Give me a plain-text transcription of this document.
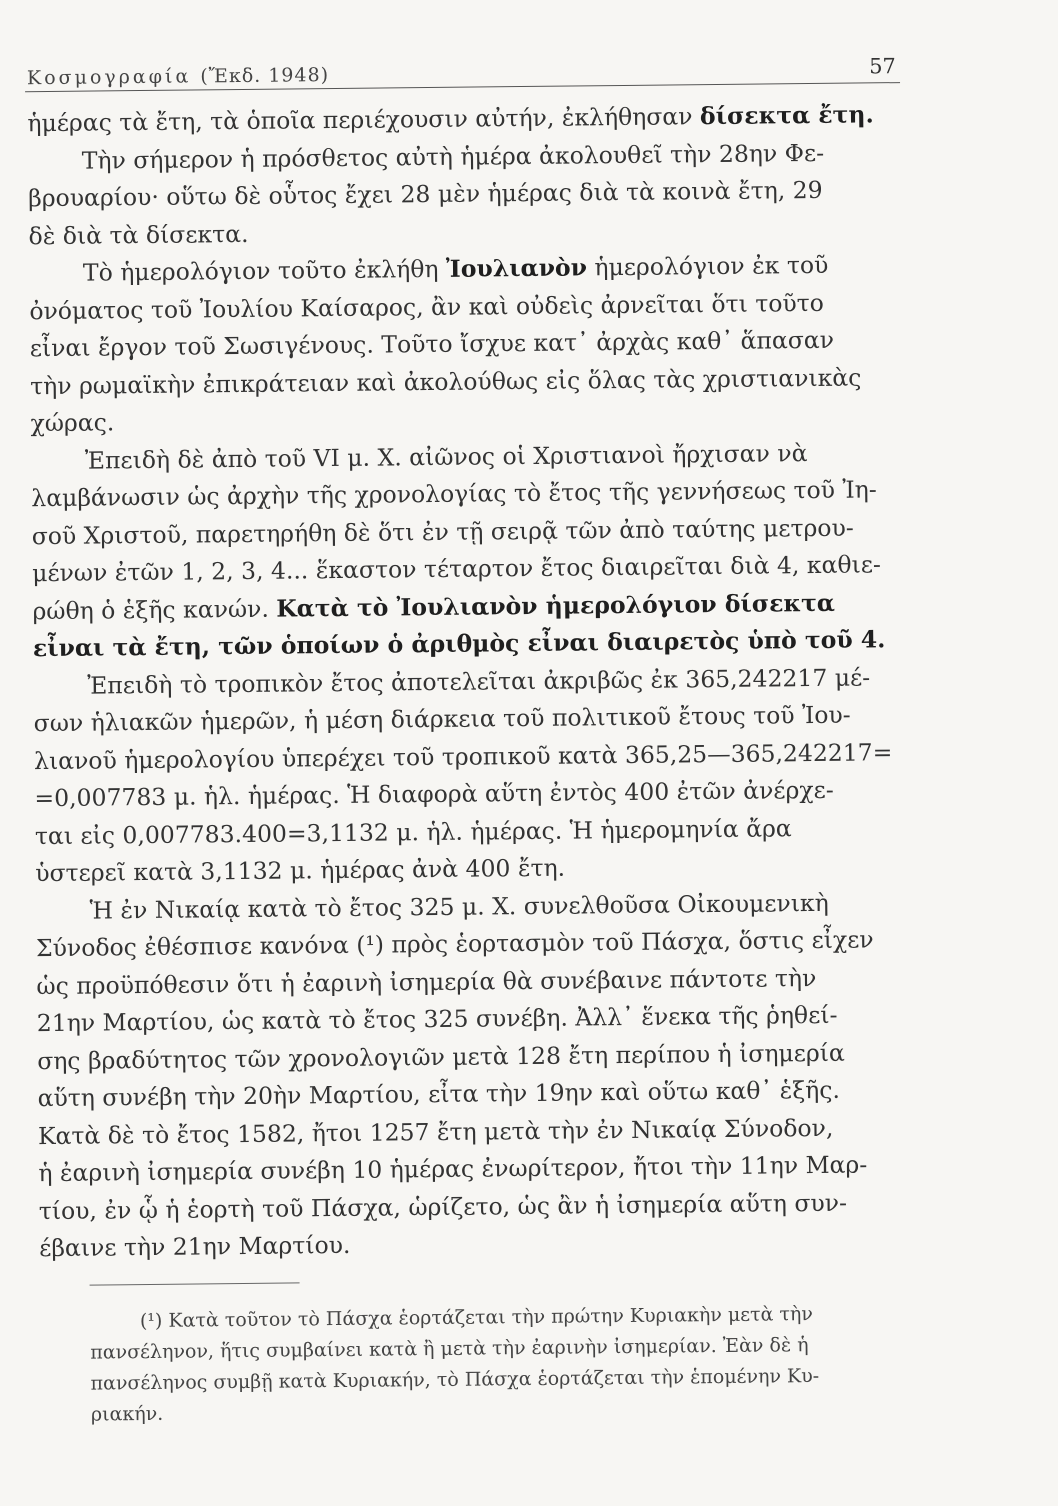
Κοσμογραφία (Ἔκδ. 1948)	57
ἡμέρας τὰ ἔτη, τὰ ὁποῖα περιέχουσιν αὐτήν, ἐκλήθησαν δίσεκτα ἔτη.
Τὴν σήμερον ἡ πρόσθετος αὐτὴ ἡμέρα ἀκολουθεῖ τὴν 28ην Φε-
βρουαρίου· οὕτω δὲ οὗτος ἔχει 28 μὲν ἡμέρας διὰ τὰ κοινὰ ἔτη, 29
δὲ διὰ τὰ δίσεκτα.
Τὸ ἡμερολόγιον τοῦτο ἐκλήθη Ἰουλιανὸν ἡμερολόγιον ἐκ τοῦ
ὀνόματος τοῦ Ἰουλίου Καίσαρος, ἂν καὶ οὐδεὶς ἀρνεῖται ὅτι τοῦτο
εἶναι ἔργον τοῦ Σωσιγένους. Τοῦτο ἴσχυε κατ᾽ ἀρχὰς καθ᾽ ἅπασαν
τὴν ρωμαϊκὴν ἐπικράτειαν καὶ ἀκολούθως εἰς ὅλας τὰς χριστιανικὰς
χώρας.
Ἐπειδὴ δὲ ἀπὸ τοῦ VI μ. Χ. αἰῶνος οἱ Χριστιανοὶ ἤρχισαν νὰ
λαμβάνωσιν ὡς ἀρχὴν τῆς χρονολογίας τὸ ἔτος τῆς γεννήσεως τοῦ Ἰη-
σοῦ Χριστοῦ, παρετηρήθη δὲ ὅτι ἐν τῇ σειρᾷ τῶν ἀπὸ ταύτης μετρου-
μένων ἐτῶν 1, 2, 3, 4... ἕκαστον τέταρτον ἔτος διαιρεῖται διὰ 4, καθιε-
ρώθη ὁ ἑξῆς κανών. Κατὰ τὸ Ἰουλιανὸν ἡμερολόγιον δίσεκτα
εἶναι τὰ ἔτη, τῶν ὁποίων ὁ ἀριθμὸς εἶναι διαιρετὸς ὑπὸ τοῦ 4.
Ἐπειδὴ τὸ τροπικὸν ἔτος ἀποτελεῖται ἀκριβῶς ἐκ 365,242217 μέ-
σων ἡλιακῶν ἡμερῶν, ἡ μέση διάρκεια τοῦ πολιτικοῦ ἔτους τοῦ Ἰου-
λιανοῦ ἡμερολογίου ὑπερέχει τοῦ τροπικοῦ κατὰ 365,25—365,242217=
=0,007783 μ. ἡλ. ἡμέρας. Ἡ διαφορὰ αὕτη ἐντὸς 400 ἐτῶν ἀνέρχε-
ται εἰς 0,007783.400=3,1132 μ. ἡλ. ἡμέρας. Ἡ ἡμερομηνία ἄρα
ὑστερεῖ κατὰ 3,1132 μ. ἡμέρας ἀνὰ 400 ἔτη.
Ἡ ἐν Νικαίᾳ κατὰ τὸ ἔτος 325 μ. Χ. συνελθοῦσα Οἰκουμενικὴ
Σύνοδος ἐθέσπισε κανόνα (¹) πρὸς ἑορτασμὸν τοῦ Πάσχα, ὅστις εἶχεν
ὡς προϋπόθεσιν ὅτι ἡ ἐαρινὴ ἰσημερία θὰ συνέβαινε πάντοτε τὴν
21ην Μαρτίου, ὡς κατὰ τὸ ἔτος 325 συνέβη. Ἀλλ᾽ ἕνεκα τῆς ῥηθεί-
σης βραδύτητος τῶν χρονολογιῶν μετὰ 128 ἔτη περίπου ἡ ἰσημερία
αὕτη συνέβη τὴν 20ὴν Μαρτίου, εἶτα τὴν 19ην καὶ οὕτω καθ᾽ ἑξῆς.
Κατὰ δὲ τὸ ἔτος 1582, ἤτοι 1257 ἔτη μετὰ τὴν ἐν Νικαίᾳ Σύνοδον,
ἡ ἐαρινὴ ἰσημερία συνέβη 10 ἡμέρας ἐνωρίτερον, ἤτοι τὴν 11ην Μαρ-
τίου, ἐν ᾧ ἡ ἑορτὴ τοῦ Πάσχα, ὡρίζετο, ὡς ἂν ἡ ἰσημερία αὕτη συν-
έβαινε τὴν 21ην Μαρτίου.
(¹) Κατὰ τοῦτον τὸ Πάσχα ἑορτάζεται τὴν πρώτην Κυριακὴν μετὰ τὴν
πανσέληνον, ἥτις συμβαίνει κατὰ ἢ μετὰ τὴν ἐαρινὴν ἰσημερίαν. Ἐὰν δὲ ἡ
πανσέληνος συμβῇ κατὰ Κυριακήν, τὸ Πάσχα ἑορτάζεται τὴν ἑπομένην Κυ-
ριακήν.
